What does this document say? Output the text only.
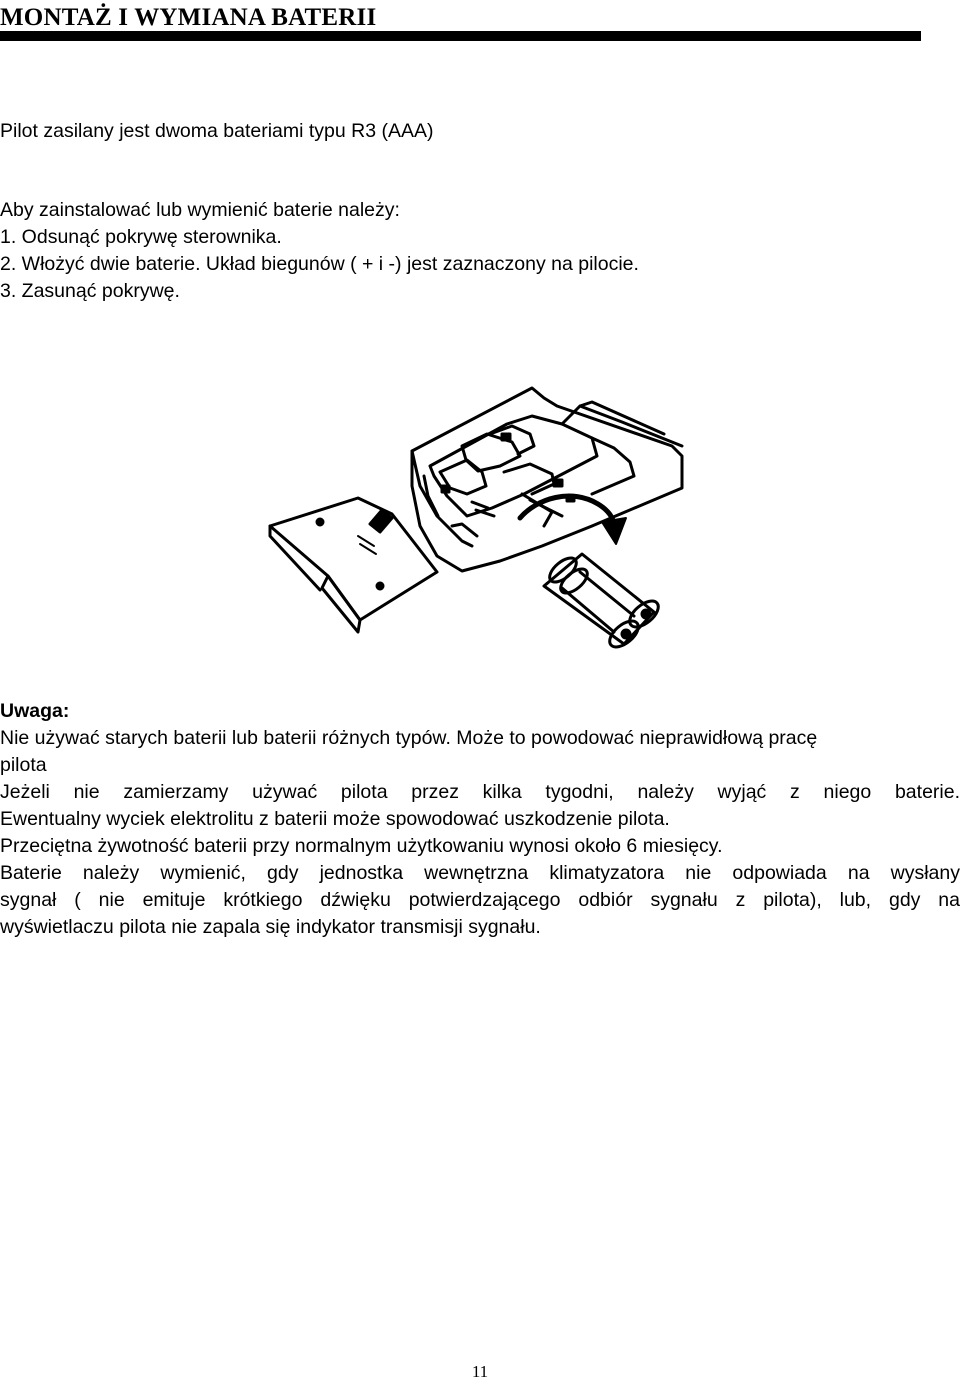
MONTAŻ I WYMIANA BATERII

Pilot zasilany jest dwoma bateriami typu R3 (AAA)

Aby zainstalować lub wymienić baterie należy:
1. Odsunąć pokrywę sterownika.
2. Włożyć dwie baterie. Układ biegunów ( + i -) jest zaznaczony na pilocie.
3. Zasunąć pokrywę.
Uwaga:
Nie używać starych baterii lub baterii różnych typów. Może to powodować nieprawidłową pracę
pilota
Jeżeli nie zamierzamy używać pilota przez kilka tygodni, należy wyjąć z niego baterie.
Ewentualny wyciek elektrolitu z baterii może spowodować uszkodzenie pilota.
Przeciętna żywotność baterii przy normalnym użytkowaniu wynosi około 6 miesięcy.
Baterie należy wymienić, gdy jednostka wewnętrzna klimatyzatora nie odpowiada na wysłany
sygnał ( nie emituje krótkiego dźwięku potwierdzającego odbiór sygnału z pilota), lub, gdy na
wyświetlaczu pilota nie zapala się indykator transmisji sygnału.
11
